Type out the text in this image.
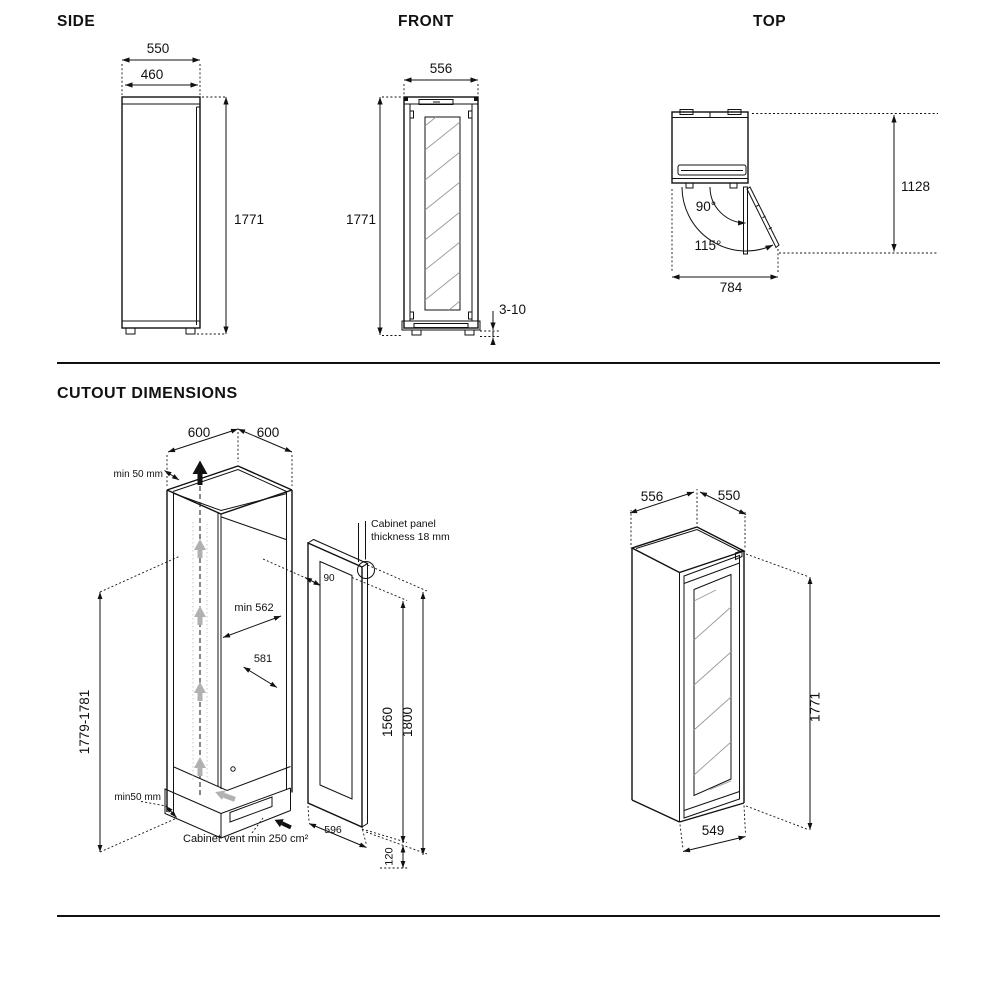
SIDE	FRONT	TOP
550
460
1771
556
1771
3-10
90°
115°
784
1128
CUTOUT DIMENSIONS
600	600
min 50 mm
1779-1781
min 562
581
min50 mm
Cabinet vent min 250 cm²
Cabinet panel
thickness 18 mm
90
1560 1800
120
596
556	550
1771
549
